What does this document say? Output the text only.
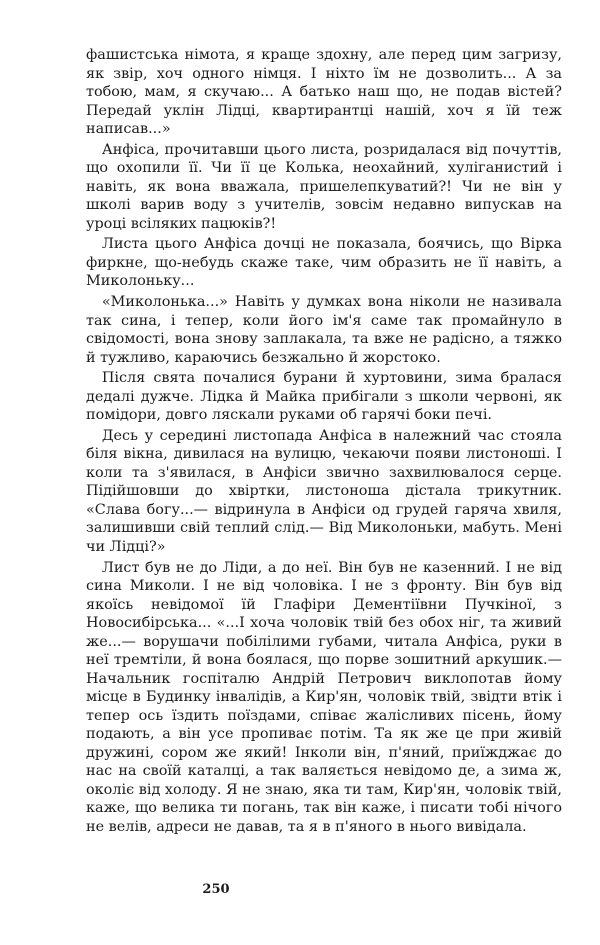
фашистська німота, я краще здохну, але перед цим загризу, як звір, хоч одного німця. І ніхто їм не дозволить... А за тобою, мам, я скучаю... А батько наш що, не подав вістей? Передай уклін Лідці, квартирантці нашій, хоч я їй теж написав...»

Анфіса, прочитавши цього листа, розридалася від почуттів, що охопили її. Чи її це Колька, неохайний, хуліганистий і навіть, як вона вважала, пришелепкуватий?! Чи не він у школі варив воду з учителів, зовсім недавно випускав на уроці всіляких пацюків?!

Листа цього Анфіса дочці не показала, боячись, що Вірка фиркне, що-небудь скаже таке, чим образить не її навіть, а Миколоньку...

«Миколонька...» Навіть у думках вона ніколи не називала так сина, і тепер, коли його ім'я саме так промайнуло в свідомості, вона знову заплакала, та вже не радісно, а тяжко й тужливо, караючись безжально й жорстоко.

Після свята почалися бурани й хуртовини, зима бралася дедалі дужче. Лідка й Майка прибігали з школи червоні, як помідори, довго ляскали руками об гарячі боки печі.

Десь у середині листопада Анфіса в належний час стояла біля вікна, дивилася на вулицю, чекаючи появи листоноші. І коли та з'явилася, в Анфіси звично захвилювалося серце. Підійшовши до хвіртки, листоноша дістала трикутник. «Слава богу...— відринула в Анфіси од грудей гаряча хвиля, залишивши свій теплий слід.— Від Миколоньки, мабуть. Мені чи Лідці?»

Лист був не до Ліди, а до неї. Він був не казенний. І не від сина Миколи. І не від чоловіка. І не з фронту. Він був від якоїсь невідомої їй Глафіри Дементіївни Пучкіної, з Новосибірська... «...І хоча чоловік твій без обох ніг, та живий же...— ворушачи побілілими губами, читала Анфіса, руки в неї тремтіли, й вона боялася, що порве зошитний аркушик.— Начальник госпіталю Андрій Петрович виклопотав йому місце в Будинку інвалідів, а Кир'ян, чоловік твій, звідти втік і тепер ось їздить поїздами, співає жалісливих пісень, йому подають, а він усе пропиває потім. Та як же це при живій дружині, сором же який! Інколи він, п'яний, приїжджає до нас на своїй каталці, а так валяється невідомо де, а зима ж, околіє від холоду. Я не знаю, яка ти там, Кир'ян, чоловік твій, каже, що велика ти погань, так він каже, і писати тобі нічого не велів, адреси не давав, та я в п'яного в нього вивідала.

250
